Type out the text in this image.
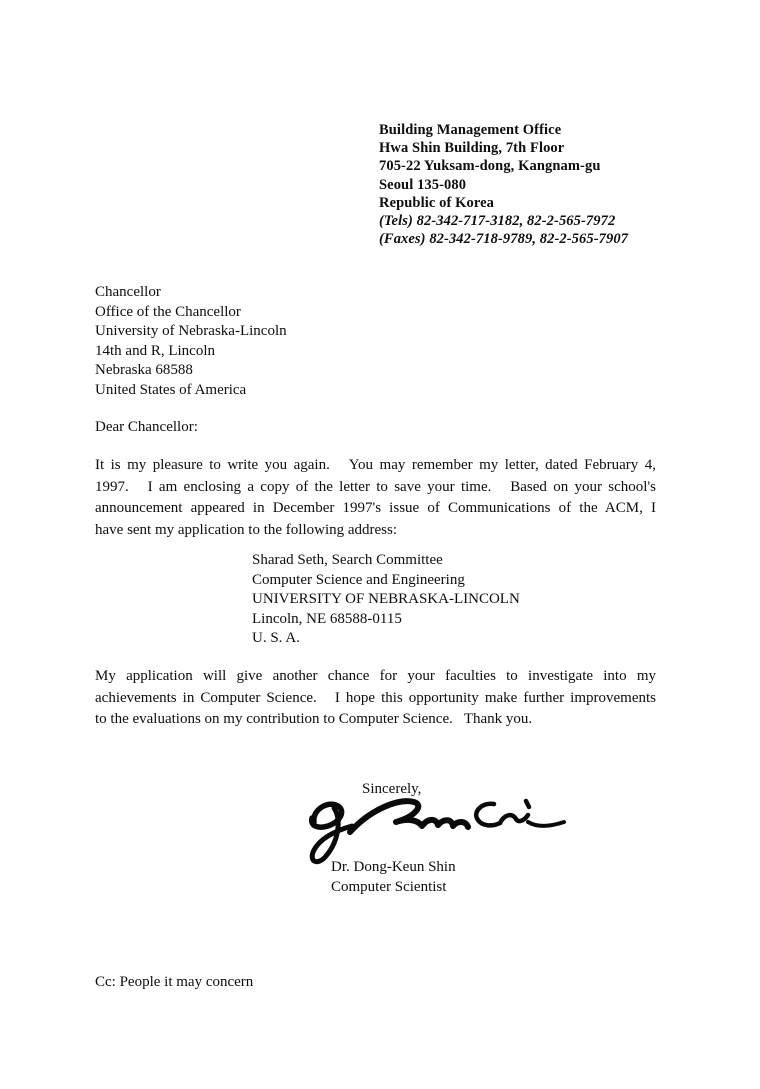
Building Management Office
Hwa Shin Building, 7th Floor
705-22 Yuksam-dong, Kangnam-gu
Seoul 135-080
Republic of Korea
(Tels) 82-342-717-3182, 82-2-565-7972
(Faxes) 82-342-718-9789, 82-2-565-7907
Chancellor
Office of the Chancellor
University of Nebraska-Lincoln
14th and R, Lincoln
Nebraska 68588
United States of America
Dear Chancellor:
It is my pleasure to write you again.   You may remember my letter, dated February 4,
1997.   I am enclosing a copy of the letter to save your time.   Based on your school's
announcement appeared in December 1997's issue of Communications of the ACM, I
have sent my application to the following address:
Sharad Seth, Search Committee
Computer Science and Engineering
UNIVERSITY OF NEBRASKA-LINCOLN
Lincoln, NE 68588-0115
U. S. A.
My application will give another chance for your faculties to investigate into my
achievements in Computer Science.   I hope this opportunity make further improvements
to the evaluations on my contribution to Computer Science.   Thank you.
Sincerely,
Dr. Dong-Keun Shin
Computer Scientist
Cc: People it may concern
